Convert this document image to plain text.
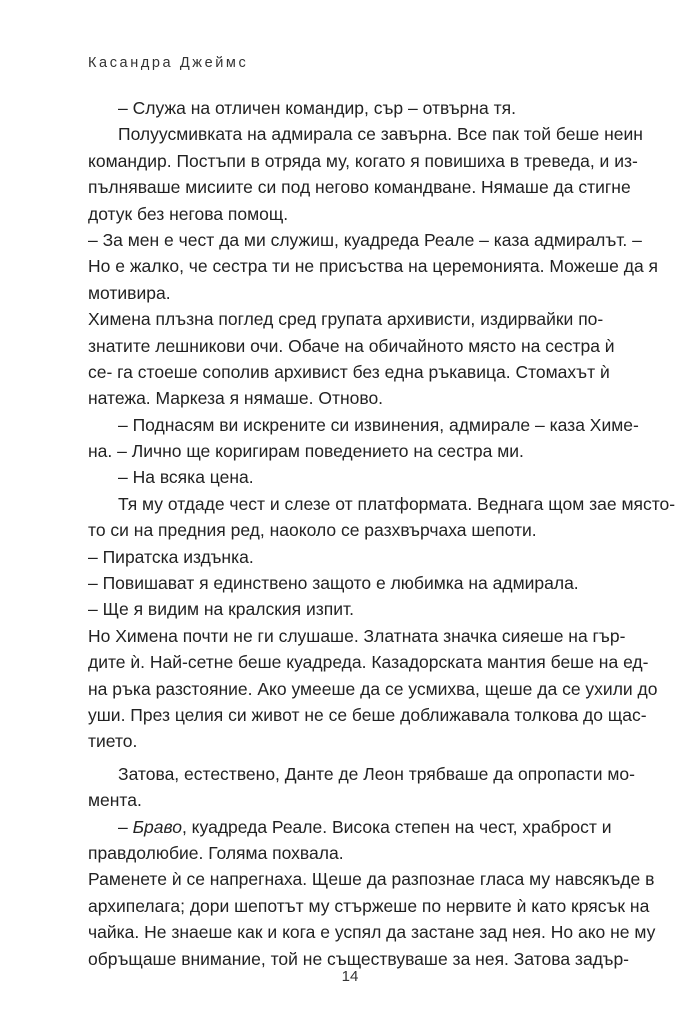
Касандра Джеймс
– Служа на отличен командир, сър – отвърна тя.
Полуусмивката на адмирала се завърна. Все пак той беше неин
командир. Постъпи в отряда му, когато я повишиха в треведа, и из-
пълняваше мисиите си под негово командване. Нямаше да стигне
дотук без негова помощ.
– За мен е чест да ми служиш, куадреда Реале – каза адмиралът. –
Но е жалко, че сестра ти не присъства на церемонията. Можеше да я
мотивира.
Химена плъзна поглед сред групата архивисти, издирвайки по-
знатите лешникови очи. Обаче на обичайното място на сестра ѝ
се- га стоеше сополив архивист без една ръкавица. Стомахът ѝ
натежа. Маркеза я нямаше. Отново.
– Поднасям ви искрените си извинения, адмирале – каза Химе-
на. – Лично ще коригирам поведението на сестра ми.
– На всяка цена.
Тя му отдаде чест и слезе от платформата. Веднага щом зае място-
то си на предния ред, наоколо се разхвърчаха шепоти.
– Пиратска издънка.
– Повишават я единствено защото е любимка на адмирала.
– Ще я видим на кралския изпит.
Но Химена почти не ги слушаше. Златната значка сияеше на гър-
дите ѝ. Най-сетне беше куадреда. Казадорската мантия беше на ед-
на ръка разстояние. Ако умееше да се усмихва, щеше да се ухили до
уши. През целия си живот не се беше доближавала толкова до щас-
тието.
Затова, естествено, Данте де Леон трябваше да опропасти мо-
мента.
– Браво, куадреда Реале. Висока степен на чест, храброст и
правдолюбие. Голяма похвала.
Раменете ѝ се напрегнаха. Щеше да разпознае гласа му навсякъде в
архипелага; дори шепотът му стържеше по нервите ѝ като крясък на
чайка. Не знаеше как и кога е успял да застане зад нея. Но ако не му
обръщаше внимание, той не съществуваше за нея. Затова задър-
14
